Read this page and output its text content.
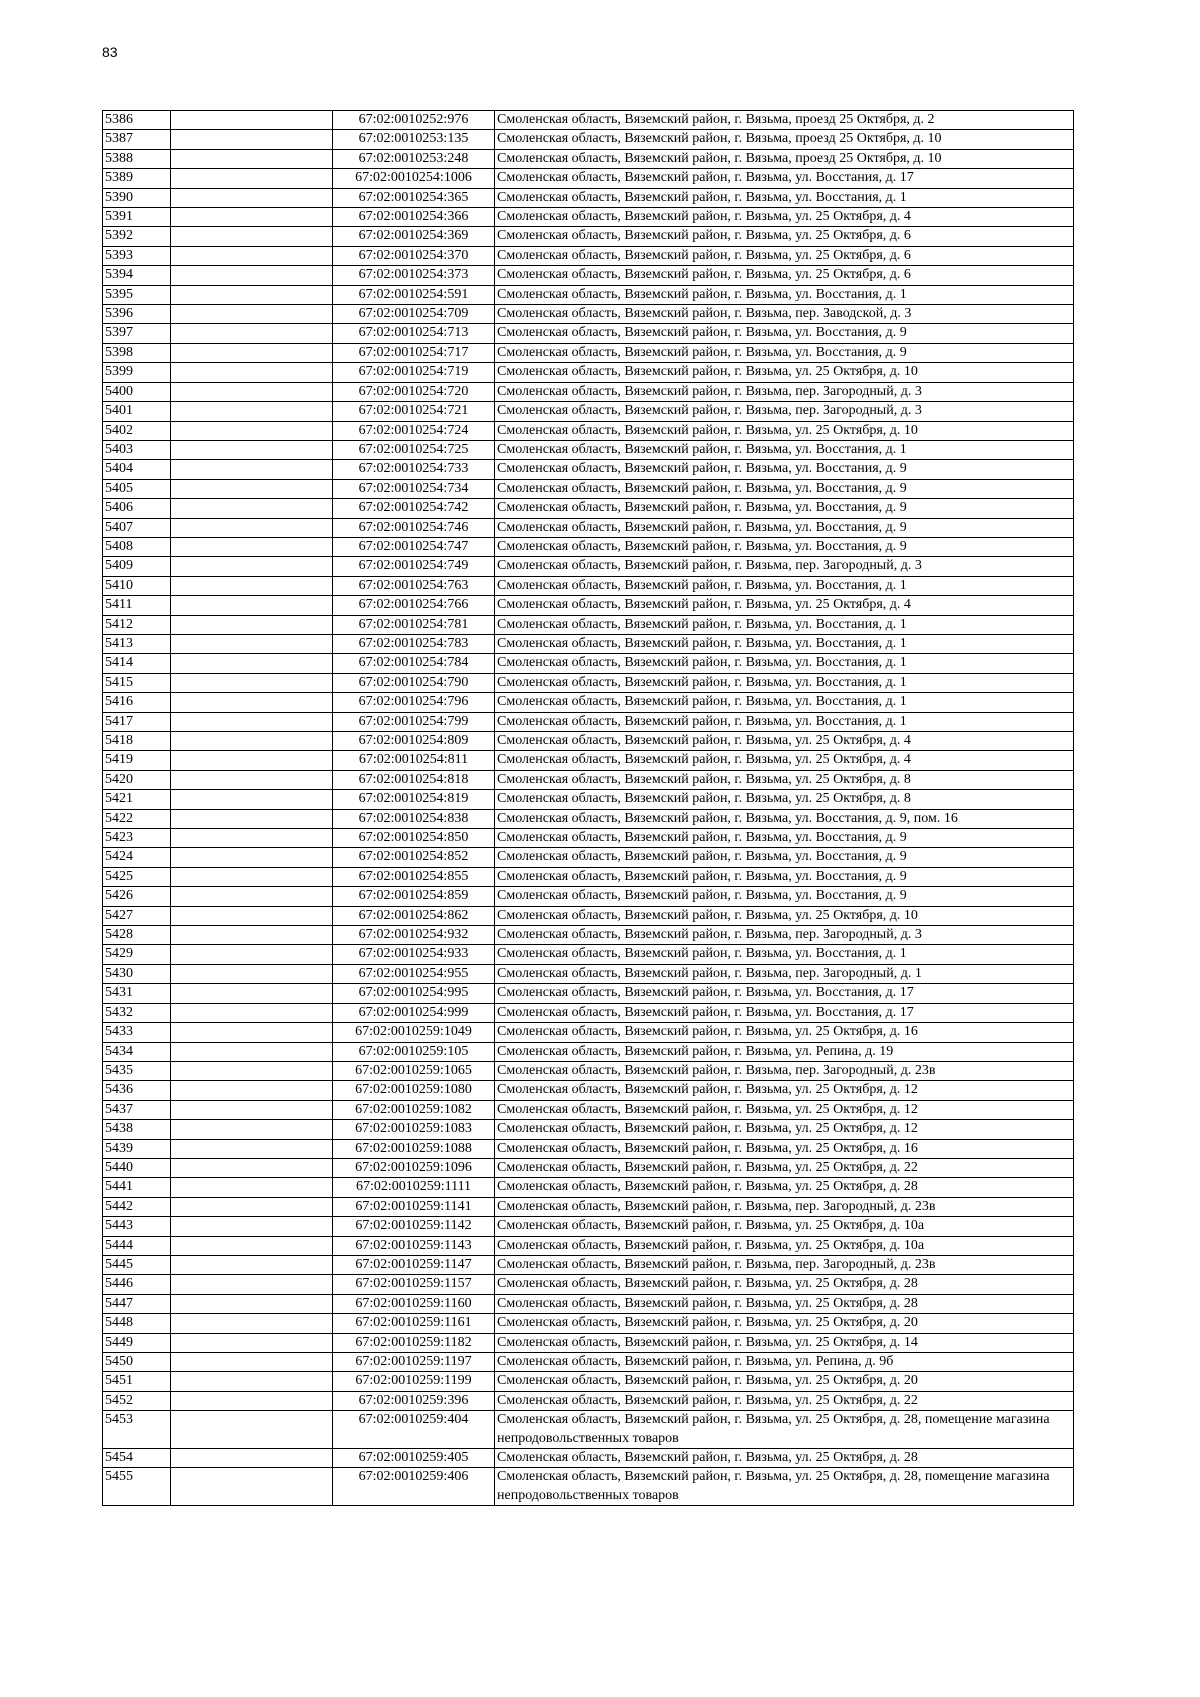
83
5386		67:02:0010252:976	Смоленская область, Вяземский район, г. Вязьма, проезд 25 Октября, д. 2
5387		67:02:0010253:135	Смоленская область, Вяземский район, г. Вязьма, проезд 25 Октября, д. 10
5388		67:02:0010253:248	Смоленская область, Вяземский район, г. Вязьма, проезд 25 Октября, д. 10
5389		67:02:0010254:1006	Смоленская область, Вяземский район, г. Вязьма, ул. Восстания, д. 17
5390		67:02:0010254:365	Смоленская область, Вяземский район, г. Вязьма, ул. Восстания, д. 1
5391		67:02:0010254:366	Смоленская область, Вяземский район, г. Вязьма, ул. 25 Октября, д. 4
5392		67:02:0010254:369	Смоленская область, Вяземский район, г. Вязьма, ул. 25 Октября, д. 6
5393		67:02:0010254:370	Смоленская область, Вяземский район, г. Вязьма, ул. 25 Октября, д. 6
5394		67:02:0010254:373	Смоленская область, Вяземский район, г. Вязьма, ул. 25 Октября, д. 6
5395		67:02:0010254:591	Смоленская область, Вяземский район, г. Вязьма, ул. Восстания, д. 1
5396		67:02:0010254:709	Смоленская область, Вяземский район, г. Вязьма, пер. Заводской, д. 3
5397		67:02:0010254:713	Смоленская область, Вяземский район, г. Вязьма, ул. Восстания, д. 9
5398		67:02:0010254:717	Смоленская область, Вяземский район, г. Вязьма, ул. Восстания, д. 9
5399		67:02:0010254:719	Смоленская область, Вяземский район, г. Вязьма, ул. 25 Октября, д. 10
5400		67:02:0010254:720	Смоленская область, Вяземский район, г. Вязьма, пер. Загородный, д. 3
5401		67:02:0010254:721	Смоленская область, Вяземский район, г. Вязьма, пер. Загородный, д. 3
5402		67:02:0010254:724	Смоленская область, Вяземский район, г. Вязьма, ул. 25 Октября, д. 10
5403		67:02:0010254:725	Смоленская область, Вяземский район, г. Вязьма, ул. Восстания, д. 1
5404		67:02:0010254:733	Смоленская область, Вяземский район, г. Вязьма, ул. Восстания, д. 9
5405		67:02:0010254:734	Смоленская область, Вяземский район, г. Вязьма, ул. Восстания, д. 9
5406		67:02:0010254:742	Смоленская область, Вяземский район, г. Вязьма, ул. Восстания, д. 9
5407		67:02:0010254:746	Смоленская область, Вяземский район, г. Вязьма, ул. Восстания, д. 9
5408		67:02:0010254:747	Смоленская область, Вяземский район, г. Вязьма, ул. Восстания, д. 9
5409		67:02:0010254:749	Смоленская область, Вяземский район, г. Вязьма, пер. Загородный, д. 3
5410		67:02:0010254:763	Смоленская область, Вяземский район, г. Вязьма, ул. Восстания, д. 1
5411		67:02:0010254:766	Смоленская область, Вяземский район, г. Вязьма, ул. 25 Октября, д. 4
5412		67:02:0010254:781	Смоленская область, Вяземский район, г. Вязьма, ул. Восстания, д. 1
5413		67:02:0010254:783	Смоленская область, Вяземский район, г. Вязьма, ул. Восстания, д. 1
5414		67:02:0010254:784	Смоленская область, Вяземский район, г. Вязьма, ул. Восстания, д. 1
5415		67:02:0010254:790	Смоленская область, Вяземский район, г. Вязьма, ул. Восстания, д. 1
5416		67:02:0010254:796	Смоленская область, Вяземский район, г. Вязьма, ул. Восстания, д. 1
5417		67:02:0010254:799	Смоленская область, Вяземский район, г. Вязьма, ул. Восстания, д. 1
5418		67:02:0010254:809	Смоленская область, Вяземский район, г. Вязьма, ул. 25 Октября, д. 4
5419		67:02:0010254:811	Смоленская область, Вяземский район, г. Вязьма, ул. 25 Октября, д. 4
5420		67:02:0010254:818	Смоленская область, Вяземский район, г. Вязьма, ул. 25 Октября, д. 8
5421		67:02:0010254:819	Смоленская область, Вяземский район, г. Вязьма, ул. 25 Октября, д. 8
5422		67:02:0010254:838	Смоленская область, Вяземский район, г. Вязьма, ул. Восстания, д. 9, пом. 16
5423		67:02:0010254:850	Смоленская область, Вяземский район, г. Вязьма, ул. Восстания, д. 9
5424		67:02:0010254:852	Смоленская область, Вяземский район, г. Вязьма, ул. Восстания, д. 9
5425		67:02:0010254:855	Смоленская область, Вяземский район, г. Вязьма, ул. Восстания, д. 9
5426		67:02:0010254:859	Смоленская область, Вяземский район, г. Вязьма, ул. Восстания, д. 9
5427		67:02:0010254:862	Смоленская область, Вяземский район, г. Вязьма, ул. 25 Октября, д. 10
5428		67:02:0010254:932	Смоленская область, Вяземский район, г. Вязьма, пер. Загородный, д. 3
5429		67:02:0010254:933	Смоленская область, Вяземский район, г. Вязьма, ул. Восстания, д. 1
5430		67:02:0010254:955	Смоленская область, Вяземский район, г. Вязьма, пер. Загородный, д. 1
5431		67:02:0010254:995	Смоленская область, Вяземский район, г. Вязьма, ул. Восстания, д. 17
5432		67:02:0010254:999	Смоленская область, Вяземский район, г. Вязьма, ул. Восстания, д. 17
5433		67:02:0010259:1049	Смоленская область, Вяземский район, г. Вязьма, ул. 25 Октября, д. 16
5434		67:02:0010259:105	Смоленская область, Вяземский район, г. Вязьма, ул. Репина, д. 19
5435		67:02:0010259:1065	Смоленская область, Вяземский район, г. Вязьма, пер. Загородный, д. 23в
5436		67:02:0010259:1080	Смоленская область, Вяземский район, г. Вязьма, ул. 25 Октября, д. 12
5437		67:02:0010259:1082	Смоленская область, Вяземский район, г. Вязьма, ул. 25 Октября, д. 12
5438		67:02:0010259:1083	Смоленская область, Вяземский район, г. Вязьма, ул. 25 Октября, д. 12
5439		67:02:0010259:1088	Смоленская область, Вяземский район, г. Вязьма, ул. 25 Октября, д. 16
5440		67:02:0010259:1096	Смоленская область, Вяземский район, г. Вязьма, ул. 25 Октября, д. 22
5441		67:02:0010259:1111	Смоленская область, Вяземский район, г. Вязьма, ул. 25 Октября, д. 28
5442		67:02:0010259:1141	Смоленская область, Вяземский район, г. Вязьма, пер. Загородный, д. 23в
5443		67:02:0010259:1142	Смоленская область, Вяземский район, г. Вязьма, ул. 25 Октября, д. 10а
5444		67:02:0010259:1143	Смоленская область, Вяземский район, г. Вязьма, ул. 25 Октября, д. 10а
5445		67:02:0010259:1147	Смоленская область, Вяземский район, г. Вязьма, пер. Загородный, д. 23в
5446		67:02:0010259:1157	Смоленская область, Вяземский район, г. Вязьма, ул. 25 Октября, д. 28
5447		67:02:0010259:1160	Смоленская область, Вяземский район, г. Вязьма, ул. 25 Октября, д. 28
5448		67:02:0010259:1161	Смоленская область, Вяземский район, г. Вязьма, ул. 25 Октября, д. 20
5449		67:02:0010259:1182	Смоленская область, Вяземский район, г. Вязьма, ул. 25 Октября, д. 14
5450		67:02:0010259:1197	Смоленская область, Вяземский район, г. Вязьма, ул. Репина, д. 9б
5451		67:02:0010259:1199	Смоленская область, Вяземский район, г. Вязьма, ул. 25 Октября, д. 20
5452		67:02:0010259:396	Смоленская область, Вяземский район, г. Вязьма, ул. 25 Октября, д. 22
5453		67:02:0010259:404	Смоленская область, Вяземский район, г. Вязьма, ул. 25 Октября, д. 28, помещение магазина непродовольственных товаров
5454		67:02:0010259:405	Смоленская область, Вяземский район, г. Вязьма, ул. 25 Октября, д. 28
5455		67:02:0010259:406	Смоленская область, Вяземский район, г. Вязьма, ул. 25 Октября, д. 28, помещение магазина непродовольственных товаров
